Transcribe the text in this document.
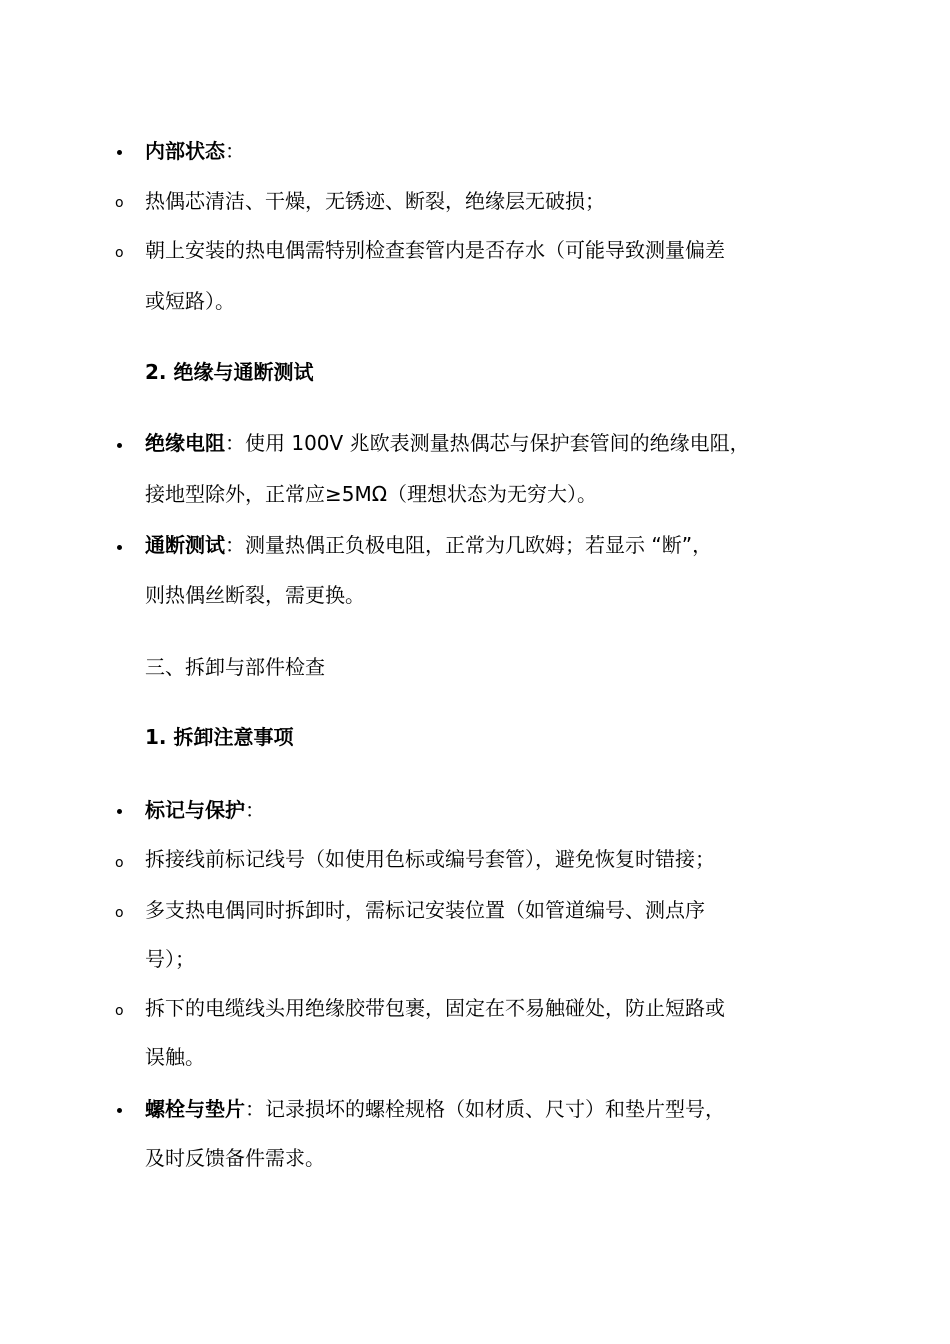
内部状态：
o 热偶芯清洁、干燥，无锈迹、断裂，绝缘层无破损；
o 朝上安装的热电偶需特别检查套管内是否存水（可能导致测量偏差
或短路）。
2. 绝缘与通断测试
绝缘电阻：使用 100V 兆欧表测量热偶芯与保护套管间的绝缘电阻，
接地型除外，正常应≥5MΩ（理想状态为无穷大）。
通断测试：测量热偶正负极电阻，正常为几欧姆；若显示 “断”，
则热偶丝断裂，需更换。
三、拆卸与部件检查
1. 拆卸注意事项
标记与保护：
o 拆接线前标记线号（如使用色标或编号套管），避免恢复时错接；
o 多支热电偶同时拆卸时，需标记安装位置（如管道编号、测点序
号）；
o 拆下的电缆线头用绝缘胶带包裹，固定在不易触碰处，防止短路或
误触。
螺栓与垫片：记录损坏的螺栓规格（如材质、尺寸）和垫片型号，
及时反馈备件需求。
